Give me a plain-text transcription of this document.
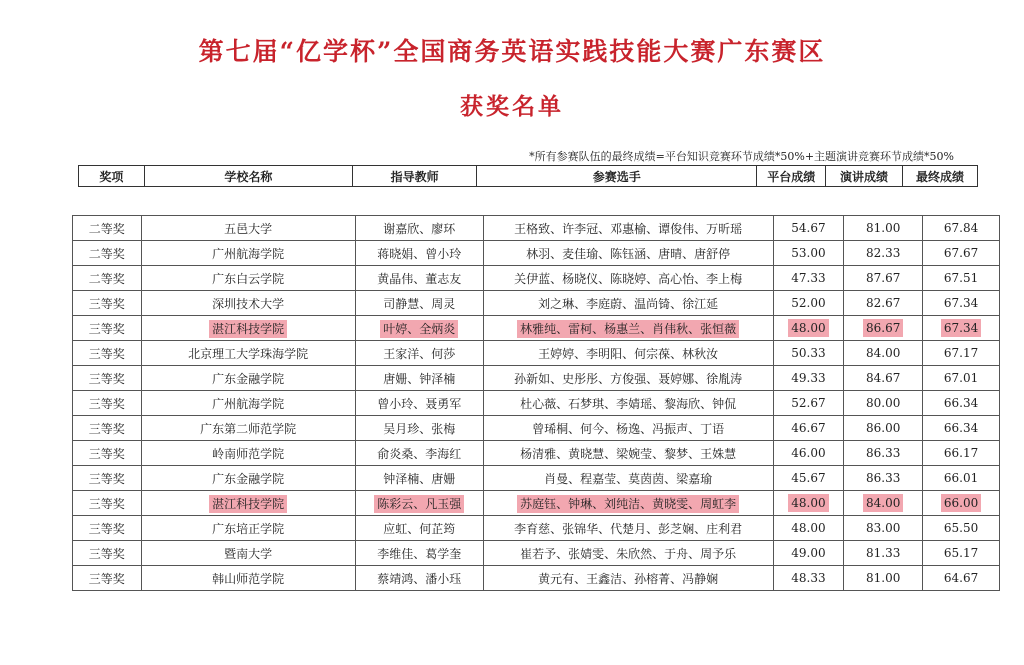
第七届“亿学杯”全国商务英语实践技能大赛广东赛区
获奖名单
*所有参赛队伍的最终成绩=平台知识竞赛环节成绩*50%+主题演讲竞赛环节成绩*50%
奖项	学校名称	指导教师	参赛选手	平台成绩	演讲成绩	最终成绩
二等奖	五邑大学	谢嘉欣、廖环	王格致、许李冠、邓惠榆、谭俊伟、万昕瑶	54.67	81.00	67.84
二等奖	广州航海学院	蒋晓娟、曾小玲	林羽、麦佳瑜、陈钰涵、唐晴、唐舒停	53.00	82.33	67.67
二等奖	广东白云学院	黄晶伟、董志友	关伊蓝、杨晓仪、陈晓婷、高心怡、李上梅	47.33	87.67	67.51
三等奖	深圳技术大学	司静慧、周灵	刘之琳、李庭蔚、温尚锜、徐江延	52.00	82.67	67.34
三等奖	湛江科技学院	叶婷、全炳炎	林雅纯、雷柯、杨惠兰、肖伟秋、张恒薇	48.00	86.67	67.34
三等奖	北京理工大学珠海学院	王家洋、何莎	王婷婷、李明阳、何宗葆、林秋汝	50.33	84.00	67.17
三等奖	广东金融学院	唐姗、钟泽楠	孙新如、史彤彤、方俊强、聂婷娜、徐胤涛	49.33	84.67	67.01
三等奖	广州航海学院	曾小玲、聂勇军	杜心薇、石梦琪、李婧瑶、黎海欣、钟侃	52.67	80.00	66.34
三等奖	广东第二师范学院	吴月珍、张梅	曾琋桐、何今、杨逸、冯振声、丁语	46.67	86.00	66.34
三等奖	岭南师范学院	俞炎桑、李海红	杨清雅、黄晓慧、梁婉莹、黎梦、王姝慧	46.00	86.33	66.17
三等奖	广东金融学院	钟泽楠、唐姗	肖曼、程嘉莹、莫茵茵、梁嘉瑜	45.67	86.33	66.01
三等奖	湛江科技学院	陈彩云、凡玉强	苏庭钰、钟琳、刘纯洁、黄晓雯、周虹李	48.00	84.00	66.00
三等奖	广东培正学院	应虹、何芷筠	李育慈、张锦华、代楚月、彭芝娴、庄利君	48.00	83.00	65.50
三等奖	暨南大学	李维佳、葛学奎	崔若予、张婧雯、朱欣然、于舟、周予乐	49.00	81.33	65.17
三等奖	韩山师范学院	蔡靖鸿、潘小珏	黄元有、王鑫洁、孙榕菁、冯静娴	48.33	81.00	64.67
